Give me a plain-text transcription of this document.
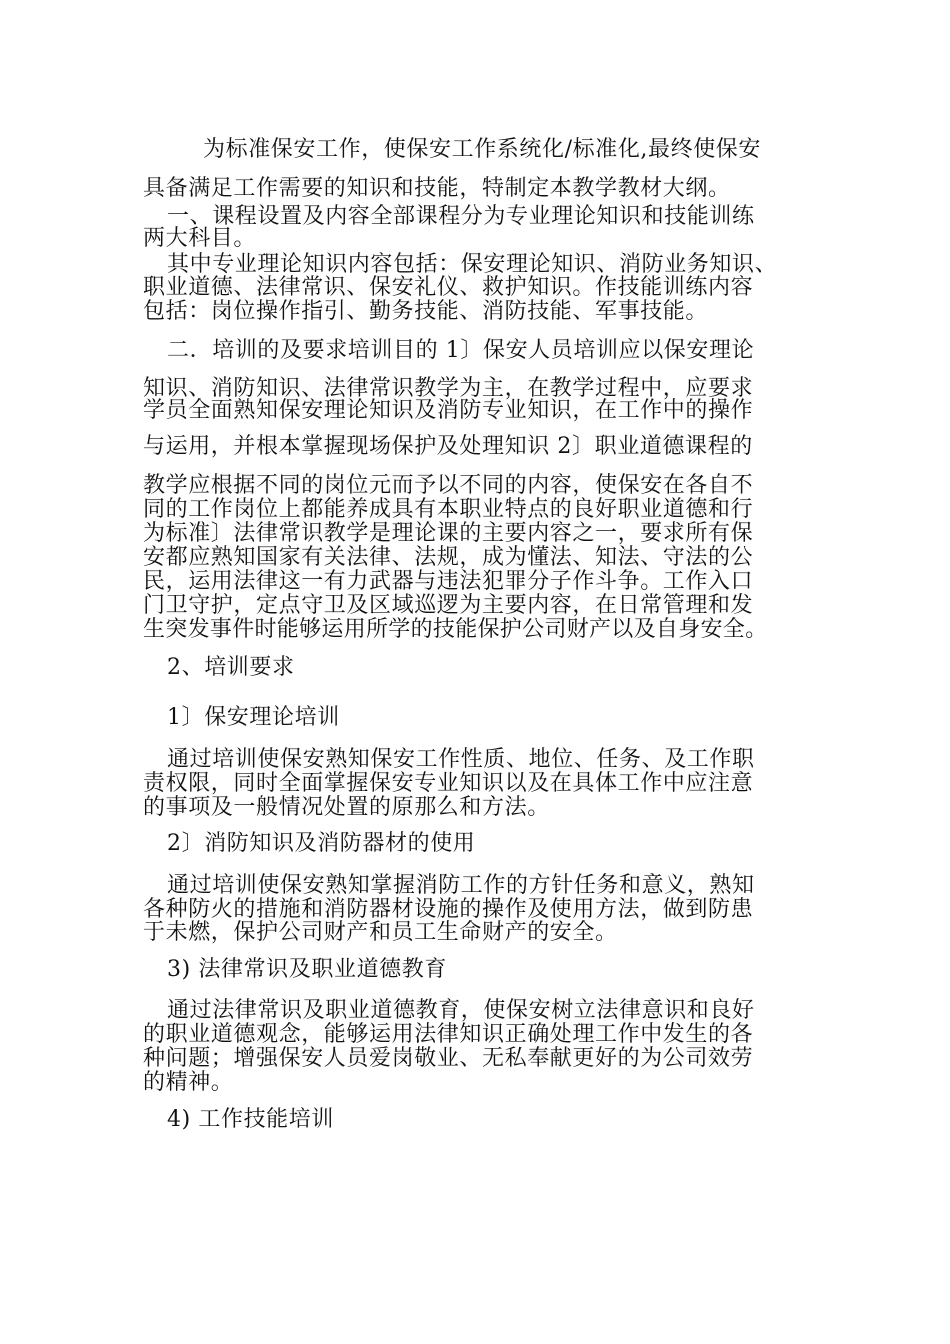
为标准保安工作，使保安工作系统化/标准化,最终使保安
具备满足工作需要的知识和技能，特制定本教学教材大纲。
一、课程设置及内容全部课程分为专业理论知识和技能训练
两大科目。
其中专业理论知识内容包括：保安理论知识、消防业务知识、
职业道德、法律常识、保安礼仪、救护知识。作技能训练内容
包括：岗位操作指引、勤务技能、消防技能、军事技能。
二．培训的及要求培训目的 1〕保安人员培训应以保安理论
知识、消防知识、法律常识教学为主，在教学过程中，应要求
学员全面熟知保安理论知识及消防专业知识，在工作中的操作
与运用，并根本掌握现场保护及处理知识 2〕职业道德课程的
教学应根据不同的岗位元而予以不同的内容，使保安在各自不
同的工作岗位上都能养成具有本职业特点的良好职业道德和行
为标准〕法律常识教学是理论课的主要内容之一，要求所有保
安都应熟知国家有关法律、法规，成为懂法、知法、守法的公
民，运用法律这一有力武器与违法犯罪分子作斗争。工作入口
门卫守护，定点守卫及区域巡逻为主要内容，在日常管理和发
生突发事件时能够运用所学的技能保护公司财产以及自身安全。
2、培训要求
1〕保安理论培训
通过培训使保安熟知保安工作性质、地位、任务、及工作职
责权限，同时全面掌握保安专业知识以及在具体工作中应注意
的事项及一般情况处置的原那么和方法。
2〕消防知识及消防器材的使用
通过培训使保安熟知掌握消防工作的方针任务和意义，熟知
各种防火的措施和消防器材设施的操作及使用方法，做到防患
于未燃，保护公司财产和员工生命财产的安全。
3) 法律常识及职业道德教育
通过法律常识及职业道德教育，使保安树立法律意识和良好
的职业道德观念，能够运用法律知识正确处理工作中发生的各
种问题；增强保安人员爱岗敬业、无私奉献更好的为公司效劳
的精神。
4) 工作技能培训
